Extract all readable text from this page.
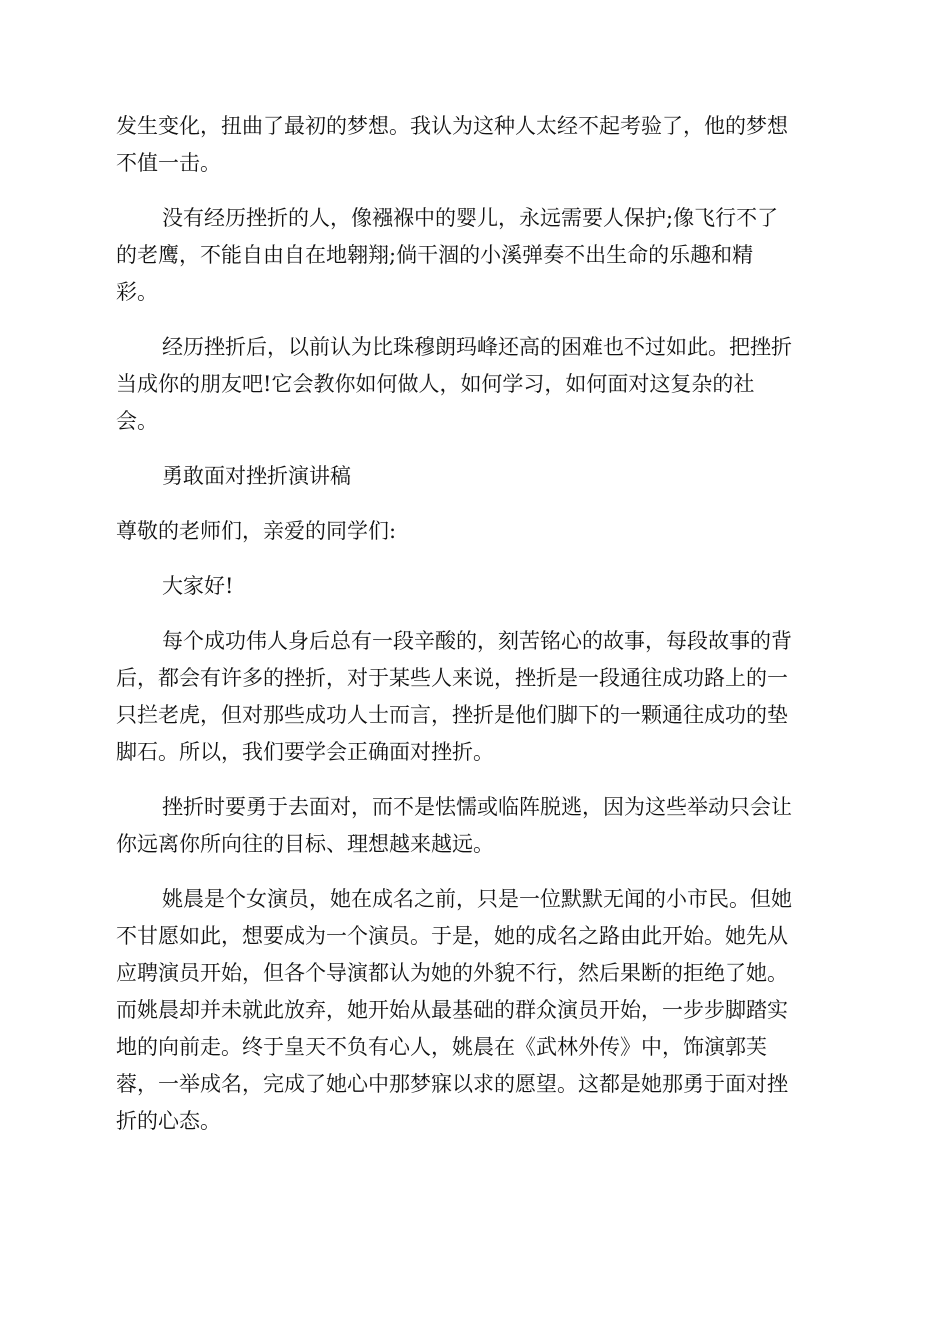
发生变化，扭曲了最初的梦想。我认为这种人太经不起考验了，他的梦想
不值一击。
没有经历挫折的人，像襁褓中的婴儿，永远需要人保护;像飞行不了
的老鹰，不能自由自在地翱翔;倘干涸的小溪弹奏不出生命的乐趣和精
彩。
经历挫折后，以前认为比珠穆朗玛峰还高的困难也不过如此。把挫折
当成你的朋友吧!它会教你如何做人，如何学习，如何面对这复杂的社
会。
勇敢面对挫折演讲稿
尊敬的老师们，亲爱的同学们:
大家好!
每个成功伟人身后总有一段辛酸的，刻苦铭心的故事，每段故事的背
后，都会有许多的挫折，对于某些人来说，挫折是一段通往成功路上的一
只拦老虎，但对那些成功人士而言，挫折是他们脚下的一颗通往成功的垫
脚石。所以，我们要学会正确面对挫折。
挫折时要勇于去面对，而不是怯懦或临阵脱逃，因为这些举动只会让
你远离你所向往的目标、理想越来越远。
姚晨是个女演员，她在成名之前，只是一位默默无闻的小市民。但她
不甘愿如此，想要成为一个演员。于是，她的成名之路由此开始。她先从
应聘演员开始，但各个导演都认为她的外貌不行，然后果断的拒绝了她。
而姚晨却并未就此放弃，她开始从最基础的群众演员开始，一步步脚踏实
地的向前走。终于皇天不负有心人，姚晨在《武林外传》中，饰演郭芙
蓉，一举成名，完成了她心中那梦寐以求的愿望。这都是她那勇于面对挫
折的心态。
